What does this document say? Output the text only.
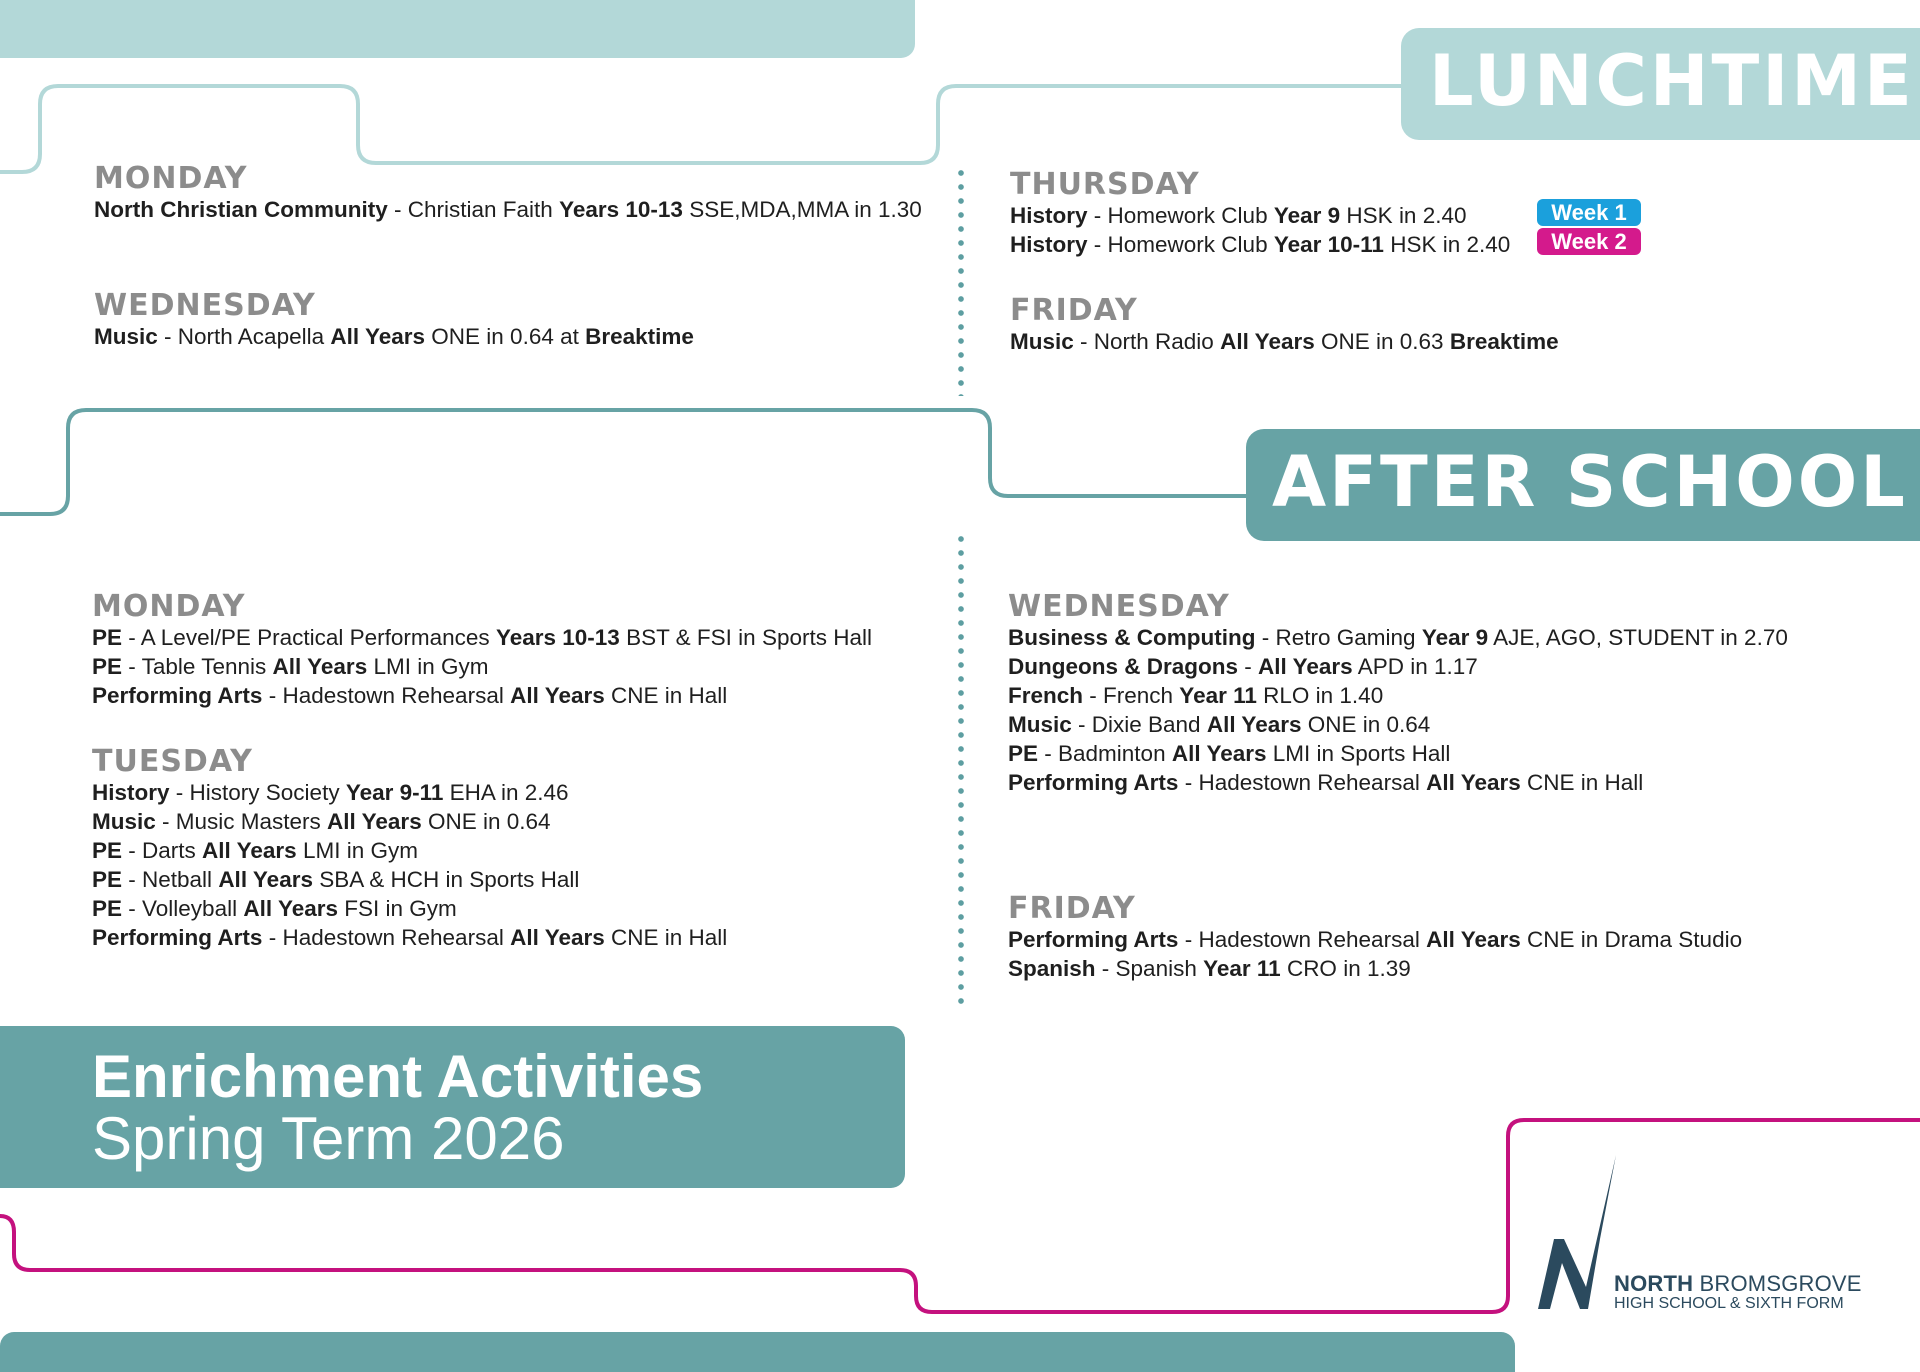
LUNCHTIME
AFTER SCHOOL

MONDAY

North Christian Community - Christian Faith Years 10-13 SSE,MDA,MMA in 1.30

WEDNESDAY

Music - North Acapella All Years ONE in 0.64 at Breaktime

THURSDAY

History - Homework Club Year 9 HSK in 2.40

History - Homework Club Year 10-11 HSK in 2.40

Week 1
Week 2

FRIDAY

Music - North Radio All Years ONE in 0.63 Breaktime

MONDAY

PE - A Level/PE Practical Performances Years 10-13 BST & FSI in Sports Hall

PE - Table Tennis All Years LMI in Gym

Performing Arts - Hadestown Rehearsal All Years CNE in Hall

TUESDAY

History - History Society Year 9-11 EHA in 2.46

Music - Music Masters All Years ONE in 0.64

PE - Darts All Years LMI in Gym

PE - Netball All Years SBA & HCH in Sports Hall

PE - Volleyball All Years FSI in Gym

Performing Arts - Hadestown Rehearsal All Years CNE in Hall

WEDNESDAY

Business & Computing - Retro Gaming Year 9 AJE, AGO, STUDENT in 2.70

Dungeons & Dragons - All Years APD in 1.17

French - French Year 11 RLO in 1.40

Music - Dixie Band All Years ONE in 0.64

PE - Badminton All Years LMI in Sports Hall

Performing Arts - Hadestown Rehearsal All Years CNE in Hall

FRIDAY

Performing Arts - Hadestown Rehearsal All Years CNE in Drama Studio

Spanish - Spanish Year 11 CRO in 1.39

Enrichment Activities
Spring Term 2026
NORTH BROMSGROVE
HIGH SCHOOL & SIXTH FORM
